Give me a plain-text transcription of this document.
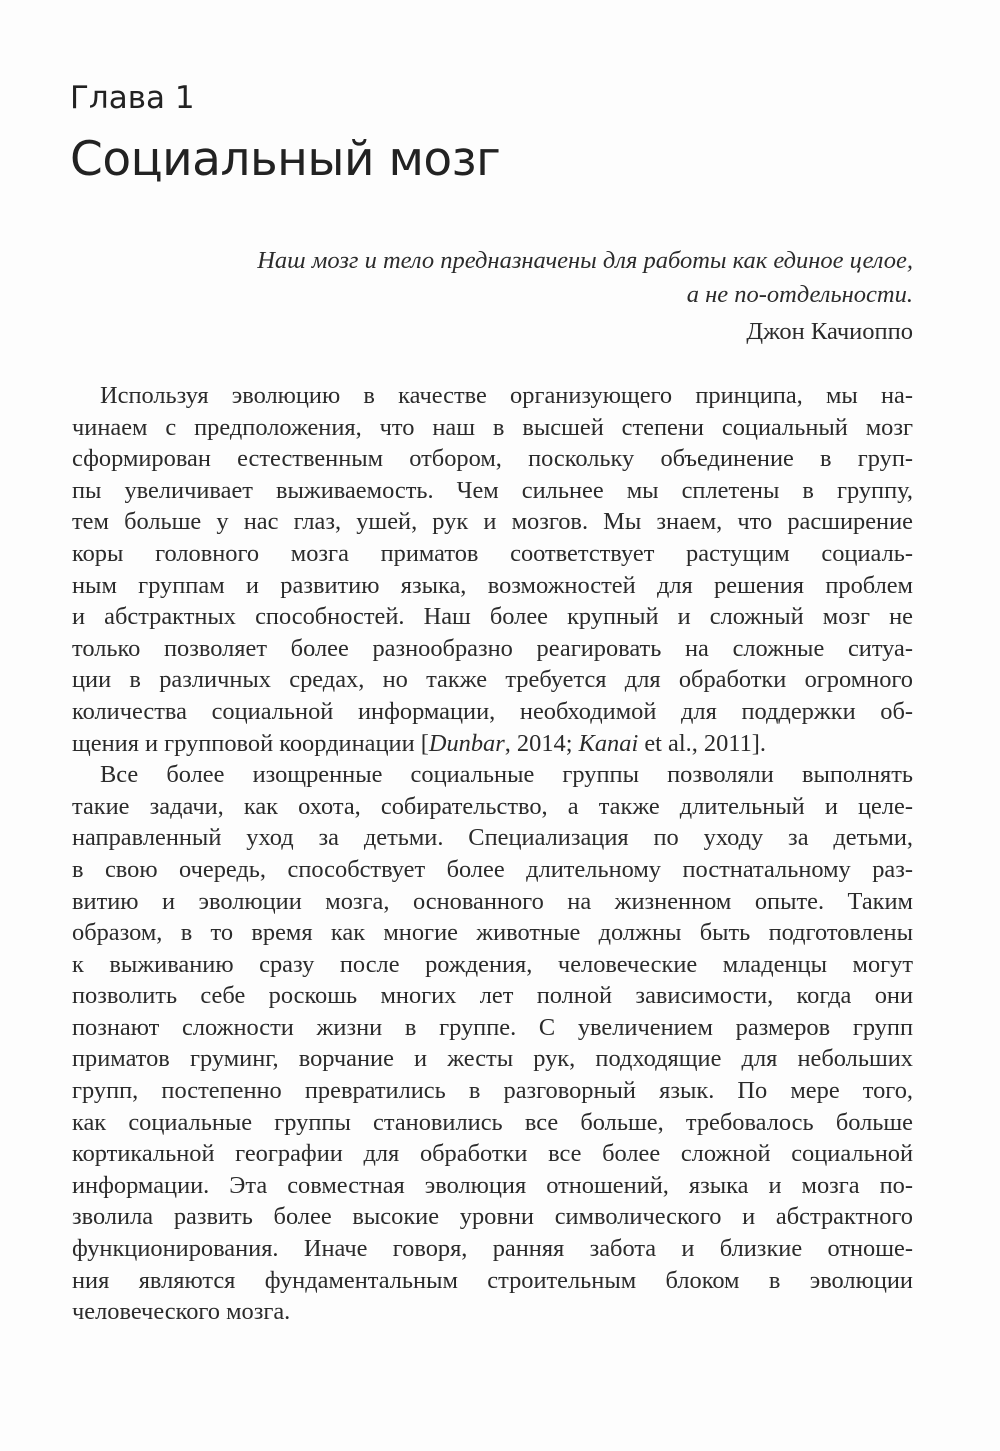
Глава 1
Социальный мозг
Наш мозг и тело предназначены для работы как единое целое,
а не по-отдельности.
Джон Качиоппо
Используя эволюцию в качестве организующего принципа, мы на-
чинаем с предположения, что наш в высшей степени социальный мозг
сформирован естественным отбором, поскольку объединение в груп-
пы увеличивает выживаемость. Чем сильнее мы сплетены в группу,
тем больше у нас глаз, ушей, рук и мозгов. Мы знаем, что расширение
коры головного мозга приматов соответствует растущим социаль-
ным группам и развитию языка, возможностей для решения проблем
и абстрактных способностей. Наш более крупный и сложный мозг не
только позволяет более разнообразно реагировать на сложные ситуа-
ции в различных средах, но также требуется для обработки огромного
количества социальной информации, необходимой для поддержки об-
щения и групповой координации [Dunbar, 2014; Kanai et al., 2011].
Все более изощренные социальные группы позволяли выполнять
такие задачи, как охота, собирательство, а также длительный и целе-
направленный уход за детьми. Специализация по уходу за детьми,
в свою очередь, способствует более длительному постнатальному раз-
витию и эволюции мозга, основанного на жизненном опыте. Таким
образом, в то время как многие животные должны быть подготовлены
к выживанию сразу после рождения, человеческие младенцы могут
позволить себе роскошь многих лет полной зависимости, когда они
познают сложности жизни в группе. С увеличением размеров групп
приматов груминг, ворчание и жесты рук, подходящие для небольших
групп, постепенно превратились в разговорный язык. По мере того,
как социальные группы становились все больше, требовалось больше
кортикальной географии для обработки все более сложной социальной
информации. Эта совместная эволюция отношений, языка и мозга по-
зволила развить более высокие уровни символического и абстрактного
функционирования. Иначе говоря, ранняя забота и близкие отноше-
ния являются фундаментальным строительным блоком в эволюции
человеческого мозга.
